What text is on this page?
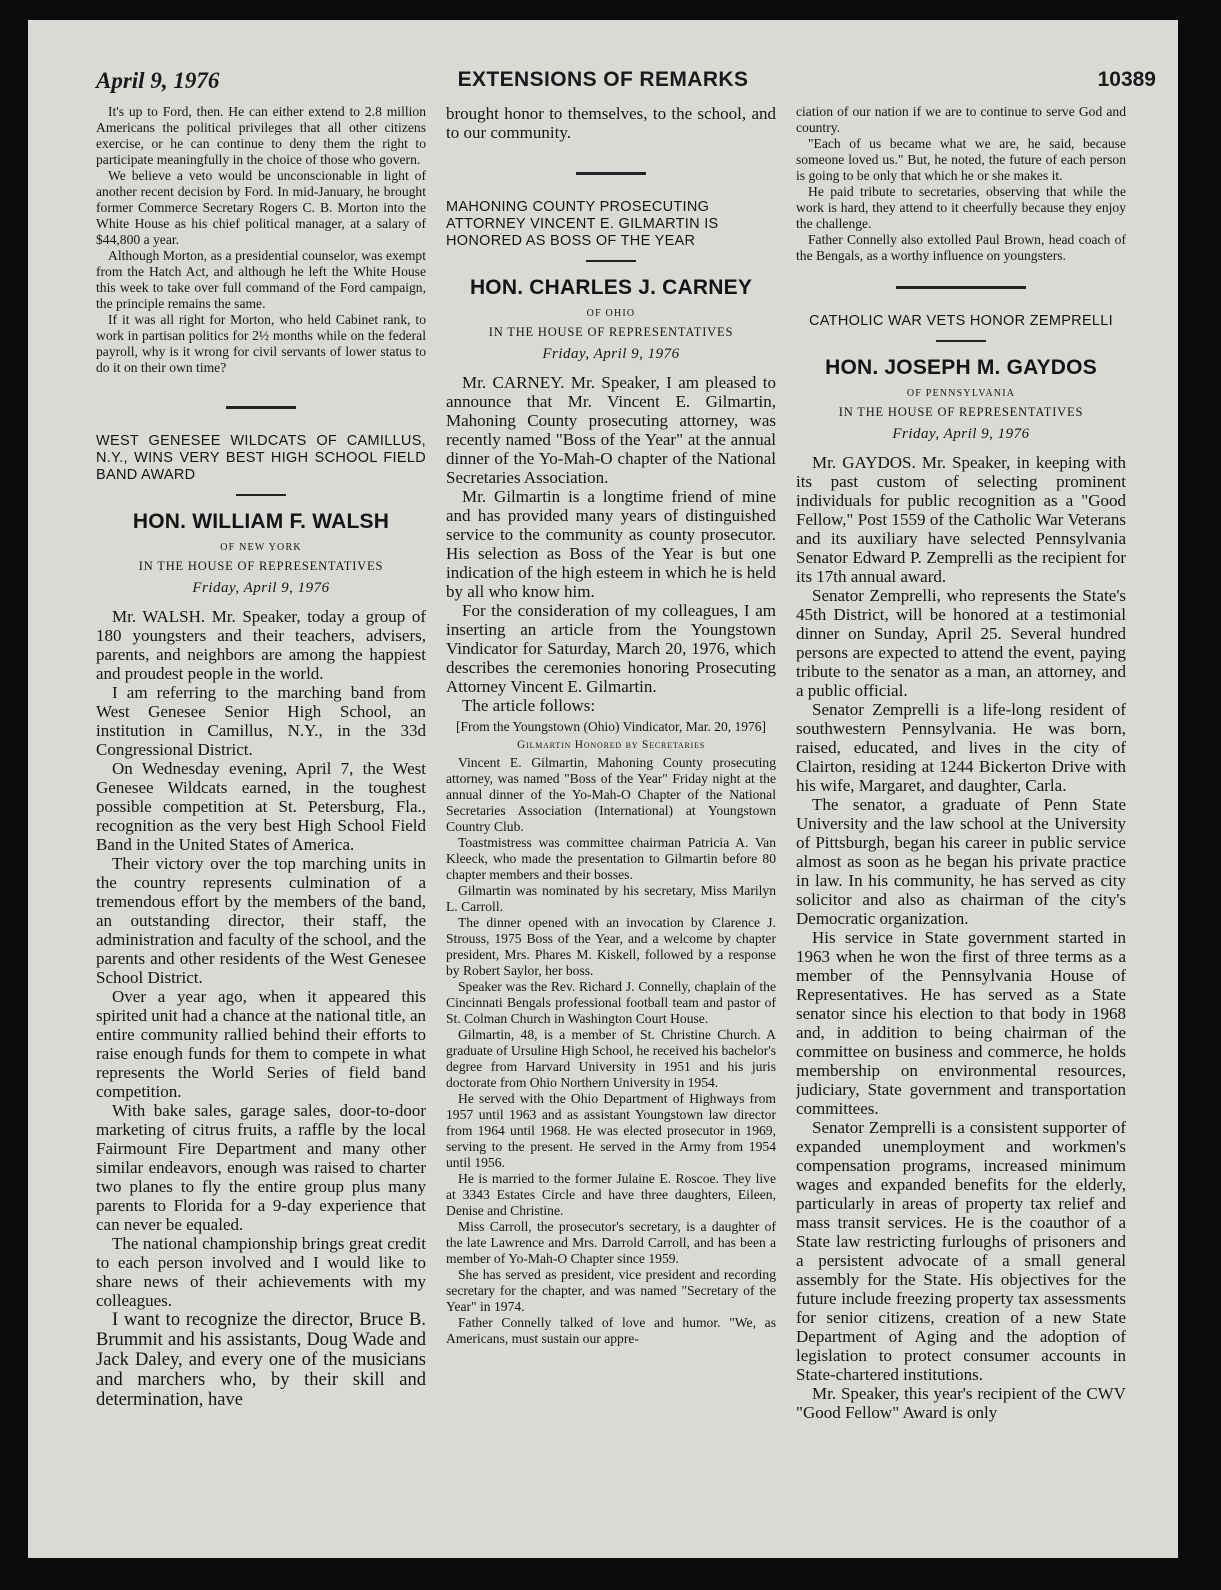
EXTENSIONS OF REMARKS
April 9, 1976	10389

It's up to Ford, then. He can either extend to 2.8 million Americans the political privileges that all other citizens exercise, or he can continue to deny them the right to participate meaningfully in the choice of those who govern.

We believe a veto would be unconscionable in light of another recent decision by Ford. In mid-January, he brought former Commerce Secretary Rogers C. B. Morton into the White House as his chief political manager, at a salary of $44,800 a year.

Although Morton, as a presidential counselor, was exempt from the Hatch Act, and although he left the White House this week to take over full command of the Ford campaign, the principle remains the same.

If it was all right for Morton, who held Cabinet rank, to work in partisan politics for 2½ months while on the federal payroll, why is it wrong for civil servants of lower status to do it on their own time?

WEST GENESEE WILDCATS OF CAMILLUS, N.Y., WINS VERY BEST HIGH SCHOOL FIELD BAND AWARD

HON. WILLIAM F. WALSH
OF NEW YORK
IN THE HOUSE OF REPRESENTATIVES
Friday, April 9, 1976

Mr. WALSH. Mr. Speaker, today a group of 180 youngsters and their teachers, advisers, parents, and neighbors are among the happiest and proudest people in the world.

I am referring to the marching band from West Genesee Senior High School, an institution in Camillus, N.Y., in the 33d Congressional District.

On Wednesday evening, April 7, the West Genesee Wildcats earned, in the toughest possible competition at St. Petersburg, Fla., recognition as the very best High School Field Band in the United States of America.

Their victory over the top marching units in the country represents culmination of a tremendous effort by the members of the band, an outstanding director, their staff, the administration and faculty of the school, and the parents and other residents of the West Genesee School District.

Over a year ago, when it appeared this spirited unit had a chance at the national title, an entire community rallied behind their efforts to raise enough funds for them to compete in what represents the World Series of field band competition.

With bake sales, garage sales, door-to-door marketing of citrus fruits, a raffle by the local Fairmount Fire Department and many other similar endeavors, enough was raised to charter two planes to fly the entire group plus many parents to Florida for a 9-day experience that can never be equaled.

The national championship brings great credit to each person involved and I would like to share news of their achievements with my colleagues.

I want to recognize the director, Bruce B. Brummit and his assistants, Doug Wade and Jack Daley, and every one of the musicians and marchers who, by their skill and determination, have

brought honor to themselves, to the school, and to our community.

MAHONING COUNTY PROSECUTING ATTORNEY VINCENT E. GILMARTIN IS HONORED AS BOSS OF THE YEAR

HON. CHARLES J. CARNEY
OF OHIO
IN THE HOUSE OF REPRESENTATIVES
Friday, April 9, 1976

Mr. CARNEY. Mr. Speaker, I am pleased to announce that Mr. Vincent E. Gilmartin, Mahoning County prosecuting attorney, was recently named "Boss of the Year" at the annual dinner of the Yo-Mah-O chapter of the National Secretaries Association.

Mr. Gilmartin is a longtime friend of mine and has provided many years of distinguished service to the community as county prosecutor. His selection as Boss of the Year is but one indication of the high esteem in which he is held by all who know him.

For the consideration of my colleagues, I am inserting an article from the Youngstown Vindicator for Saturday, March 20, 1976, which describes the ceremonies honoring Prosecuting Attorney Vincent E. Gilmartin.

The article follows:

[From the Youngstown (Ohio) Vindicator, Mar. 20, 1976]

Gilmartin Honored by Secretaries

Vincent E. Gilmartin, Mahoning County prosecuting attorney, was named "Boss of the Year" Friday night at the annual dinner of the Yo-Mah-O Chapter of the National Secretaries Association (International) at Youngstown Country Club.

Toastmistress was committee chairman Patricia A. Van Kleeck, who made the presentation to Gilmartin before 80 chapter members and their bosses.

Gilmartin was nominated by his secretary, Miss Marilyn L. Carroll.

The dinner opened with an invocation by Clarence J. Strouss, 1975 Boss of the Year, and a welcome by chapter president, Mrs. Phares M. Kiskell, followed by a response by Robert Saylor, her boss.

Speaker was the Rev. Richard J. Connelly, chaplain of the Cincinnati Bengals professional football team and pastor of St. Colman Church in Washington Court House.

Gilmartin, 48, is a member of St. Christine Church. A graduate of Ursuline High School, he received his bachelor's degree from Harvard University in 1951 and his juris doctorate from Ohio Northern University in 1954.

He served with the Ohio Department of Highways from 1957 until 1963 and as assistant Youngstown law director from 1964 until 1968. He was elected prosecutor in 1969, serving to the present. He served in the Army from 1954 until 1956.

He is married to the former Julaine E. Roscoe. They live at 3343 Estates Circle and have three daughters, Eileen, Denise and Christine.

Miss Carroll, the prosecutor's secretary, is a daughter of the late Lawrence and Mrs. Darrold Carroll, and has been a member of Yo-Mah-O Chapter since 1959.

She has served as president, vice president and recording secretary for the chapter, and was named "Secretary of the Year" in 1974.

Father Connelly talked of love and humor. "We, as Americans, must sustain our appre-

ciation of our nation if we are to continue to serve God and country.

"Each of us became what we are, he said, because someone loved us." But, he noted, the future of each person is going to be only that which he or she makes it.

He paid tribute to secretaries, observing that while the work is hard, they attend to it cheerfully because they enjoy the challenge.

Father Connelly also extolled Paul Brown, head coach of the Bengals, as a worthy influence on youngsters.

CATHOLIC WAR VETS HONOR ZEMPRELLI

HON. JOSEPH M. GAYDOS
OF PENNSYLVANIA
IN THE HOUSE OF REPRESENTATIVES
Friday, April 9, 1976

Mr. GAYDOS. Mr. Speaker, in keeping with its past custom of selecting prominent individuals for public recognition as a "Good Fellow," Post 1559 of the Catholic War Veterans and its auxiliary have selected Pennsylvania Senator Edward P. Zemprelli as the recipient for its 17th annual award.

Senator Zemprelli, who represents the State's 45th District, will be honored at a testimonial dinner on Sunday, April 25. Several hundred persons are expected to attend the event, paying tribute to the senator as a man, an attorney, and a public official.

Senator Zemprelli is a life-long resident of southwestern Pennsylvania. He was born, raised, educated, and lives in the city of Clairton, residing at 1244 Bickerton Drive with his wife, Margaret, and daughter, Carla.

The senator, a graduate of Penn State University and the law school at the University of Pittsburgh, began his career in public service almost as soon as he began his private practice in law. In his community, he has served as city solicitor and also as chairman of the city's Democratic organization.

His service in State government started in 1963 when he won the first of three terms as a member of the Pennsylvania House of Representatives. He has served as a State senator since his election to that body in 1968 and, in addition to being chairman of the committee on business and commerce, he holds membership on environmental resources, judiciary, State government and transportation committees.

Senator Zemprelli is a consistent supporter of expanded unemployment and workmen's compensation programs, increased minimum wages and expanded benefits for the elderly, particularly in areas of property tax relief and mass transit services. He is the coauthor of a State law restricting furloughs of prisoners and a persistent advocate of a small general assembly for the State. His objectives for the future include freezing property tax assessments for senior citizens, creation of a new State Department of Aging and the adoption of legislation to protect consumer accounts in State-chartered institutions.

Mr. Speaker, this year's recipient of the CWV "Good Fellow" Award is only
